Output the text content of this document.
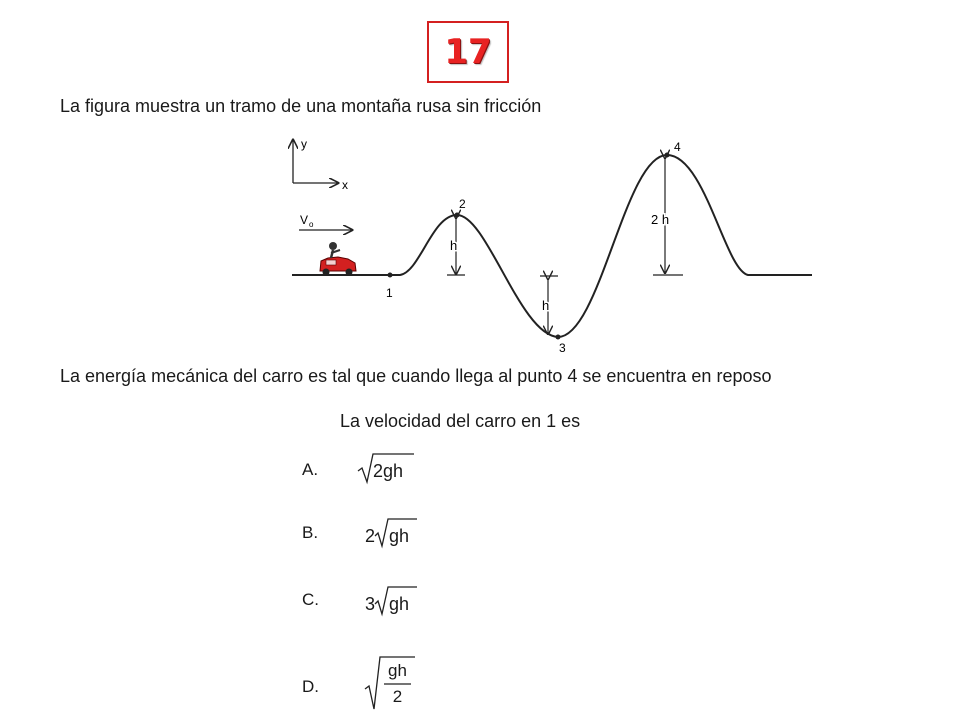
17
La figura muestra un tramo de una montaña rusa sin fricción
y
x
V o
1
2
3
4
h
h
2 h
La energía mecánica del carro es tal que cuando llega al punto 4 se encuentra en reposo
La velocidad del carro en 1 es
A.	2gh
B.	2 gh
C.	3 gh
D.
gh
2
